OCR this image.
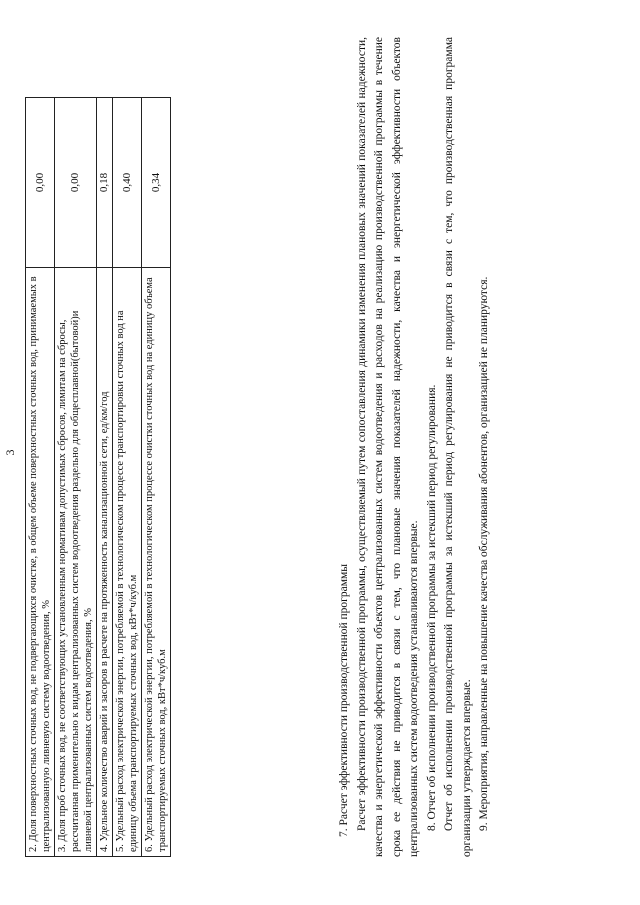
3 2. Доля поверхностных сточных вод, не подвергающихся очистке, в общем объеме поверхностных сточных вод, принимаемых в централизованную ливневую систему водоотведения, %	0,00
3. Доля проб сточных вод, не соответствующих установленным нормативам допустимых сбросов, лимитам на сбросы, рассчитанная применительно к видам централизованных систем водоотведения раздельно для общесплавной(бытовой)и ливневой централизованных систем водоотведения, %	0,00
4. Удельное количество аварий и засоров в расчете на протяженность канализационной сети, ед/км/год	0,18
5. Удельный расход электрической энергии, потребляемой в технологическом процессе транспортировки сточных вод на единицу объема транспортируемых сточных вод, кВт*ч/куб.м	0,40
6. Удельный расход электрической энергии, потребляемой в технологическом процессе очистки сточных вод на единицу объема транспортируемых сточных вод, кВт*ч/куб.м	0,34

7. Расчет эффективности производственной программы Расчет эффективности производственной программы, осуществляемый путем сопоставления динамики изменения плановых значений показателей надежности, качества и энергетической эффективности объектов централизованных систем водоотведения и расходов на реализацию производственной программы в течение срока ее действия не приводится в связи с тем, что плановые значения показателей надежности, качества и энергетической эффективности объектов централизованных систем водоотведения устанавливаются впервые. 8. Отчет об исполнении производственной программы за истекший период регулирования. Отчет об исполнении производственной программы за истекший период регулирования не приводится в связи с тем, что производственная программа организации утверждается впервые. 9. Мероприятия, направленные на повышение качества обслуживания абонентов, организацией не планируются.
